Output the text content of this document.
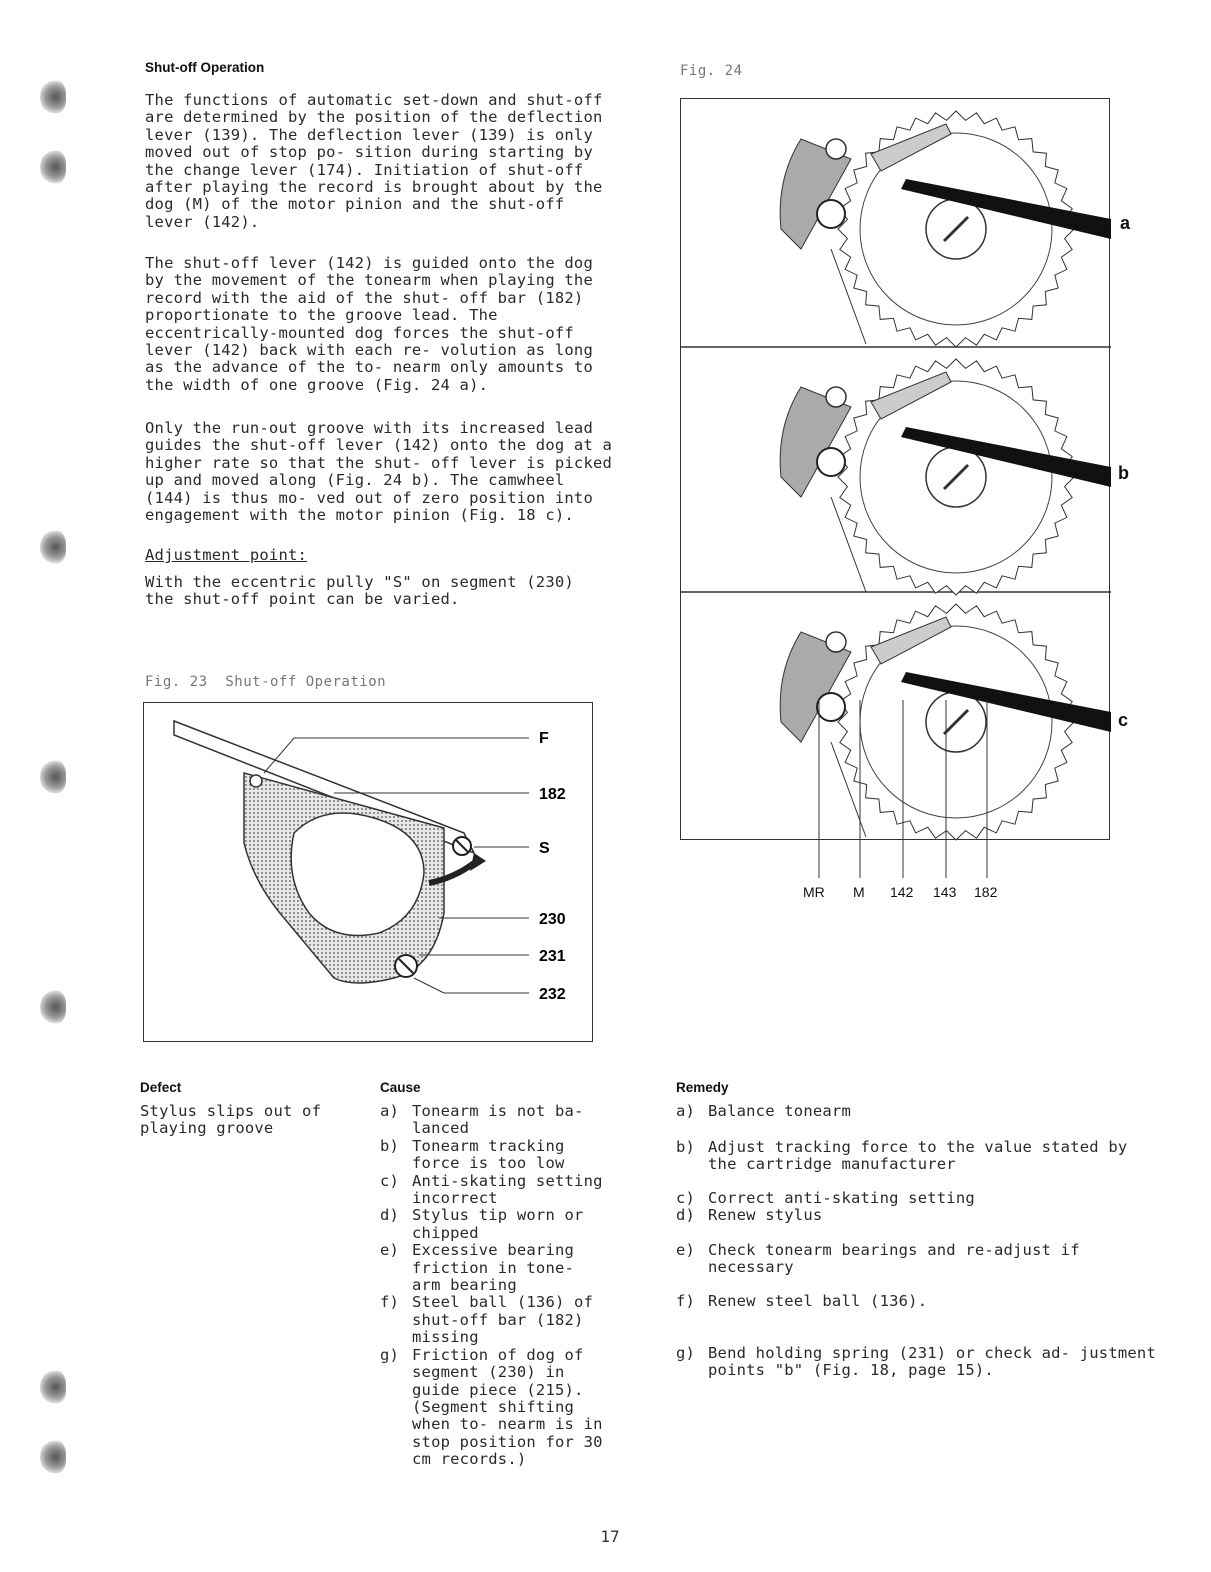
Shut-off Operation
The functions of automatic set-down and shut-off are determined by the position of the deflection lever (139). The deflection lever (139) is only moved out of stop po- sition during starting by the change lever (174). Initiation of shut-off after playing the record is brought about by the dog (M) of the motor pinion and the shut-off lever (142).
The shut-off lever (142) is guided onto the dog by the movement of the tonearm when playing the record with the aid of the shut- off bar (182) proportionate to the groove lead. The eccentrically-mounted dog forces the shut-off lever (142) back with each re- volution as long as the advance of the to- nearm only amounts to the width of one groove (Fig. 24 a).
Only the run-out groove with its increased lead guides the shut-off lever (142) onto the dog at a higher rate so that the shut- off lever is picked up and moved along (Fig. 24 b). The camwheel (144) is thus mo- ved out of zero position into engagement with the motor pinion (Fig. 18 c).
Adjustment point:
With the eccentric pully "S" on segment (230) the shut-off point can be varied.
Fig. 23  Shut-off Operation
F
182
S
230
231
232
Fig. 24
a
b
c
MR M 142 143 182
Defect	Cause	Remedy
Stylus slips out of playing groove
a) Tonearm is not ba- lanced
b) Tonearm tracking force is too low
c) Anti-skating setting incorrect
d) Stylus tip worn or chipped
e) Excessive bearing friction in tone- arm bearing
f) Steel ball (136) of shut-off bar (182) missing
g) Friction of dog of segment (230) in guide piece (215). (Segment shifting when to- nearm is in stop position for 30 cm records.)
a) Balance tonearm
b) Adjust tracking force to the value stated by the cartridge manufacturer
c) Correct anti-skating setting
d) Renew stylus
e) Check tonearm bearings and re-adjust if necessary
f) Renew steel ball (136).
g) Bend holding spring (231) or check ad- justment points "b" (Fig. 18, page 15).
17
